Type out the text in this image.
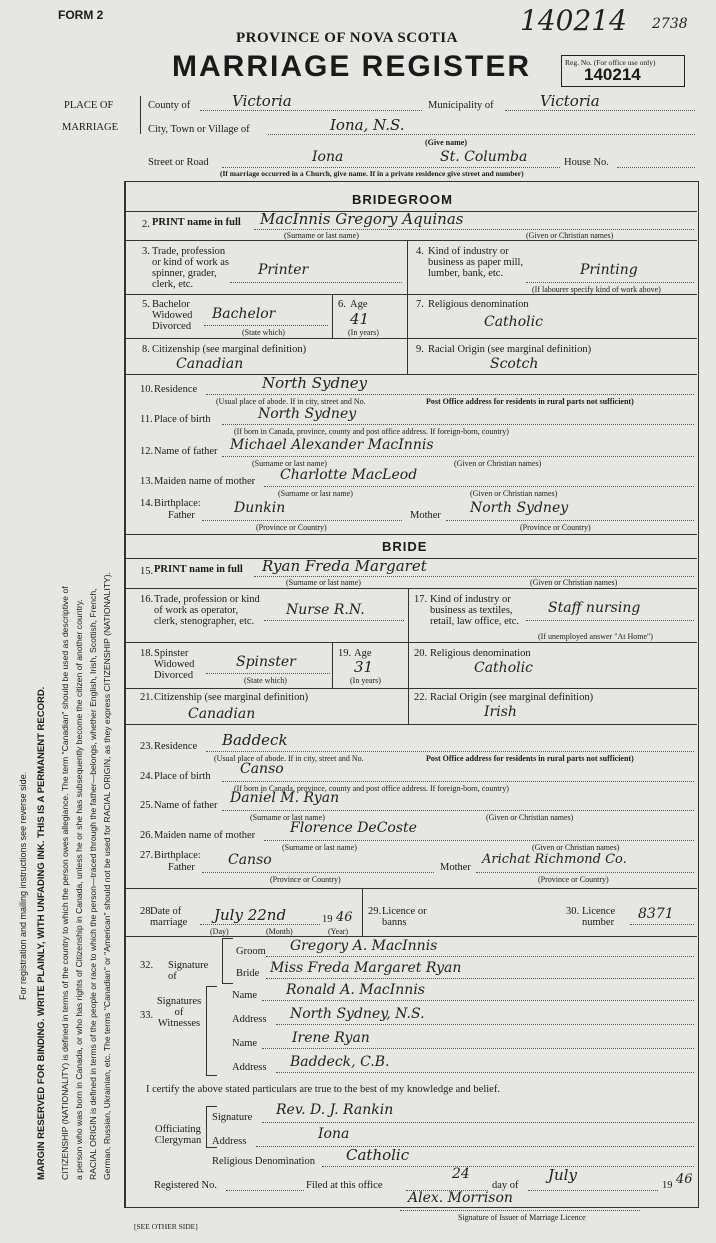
For registration and mailing instructions see reverse side. MARGIN RESERVED FOR BINDING. WRITE PLAINLY, WITH UNFADING INK. THIS IS A PERMANENT RECORD. CITIZENSHIP (NATIONALITY) is defined in terms of the country to which the person owes allegiance. The term "Canadian" should be used as descriptive of a person who was born in Canada, or who has rights of Citizenship in Canada, unless he or she has subsequently become the citizen of another country. RACIAL ORIGIN is defined in terms of the people or race to which the person—traced through the father—belongs, whether English, Irish, Scottish, French, German, Russian, Ukrainian, etc. The terms "Canadian" or "American" should not be used for RACIAL ORIGIN, as they express CITIZENSHIP (NATIONALITY).
FORM 2	140214 2738
PROVINCE OF NOVA SCOTIA
MARRIAGE REGISTER	Reg. No. (For office use only)
140214
PLACE OF
MARRIAGE
County of	Victoria	Municipality of	Victoria
City, Town or Village of	Iona, N.S.
(Give name)
Street or Road	Iona	St. Columba	House No.
(If marriage occurred in a Church, give name. If in a private residence give street and number)
BRIDEGROOM
2. PRINT name in full MacInnis Gregory Aquinas
(Surname or last name)	(Given or Christian names)
3. Trade, profession or kind of work as spinner, grader, clerk, etc.
Printer
4. Kind of industry or business as paper mill, lumber, bank, etc.	Printing
(If labourer specify kind of work above)
5. Bachelor Widowed Divorced
Bachelor
(State which)
6. Age
41
(In years)
7. Religious denomination
Catholic
8. Citizenship (see marginal definition)
Canadian
9. Racial Origin (see marginal definition)
Scotch
10. Residence	North Sydney
(Usual place of abode. If in city, street and No.	Post Office address for residents in rural parts not sufficient)
11. Place of birth	North Sydney
(If born in Canada, province, county and post office address. If foreign-born, country)
12. Name of father Michael Alexander MacInnis
(Surname or last name)	(Given or Christian names)
13. Maiden name of mother Charlotte MacLeod
(Surname or last name)	(Given or Christian names)
14. Birthplace:
Father	Dunkin	Mother North Sydney
(Province or Country)	(Province or Country)
BRIDE
15. PRINT name in full Ryan Freda Margaret
(Surname or last name)	(Given or Christian names)
16. Trade, profession or kind of work as operator, clerk, stenographer, etc.
Nurse R.N.
17. Kind of industry or business as textiles, retail, law office, etc.
Staff nursing
(If unemployed answer "At Home")
18. Spinster Widowed Divorced
Spinster
(State which)
19. Age
31
(In years)
20. Religious denomination
Catholic
21. Citizenship (see marginal definition)
Canadian
22. Racial Origin (see marginal definition)
Irish
23. Residence Baddeck
(Usual place of abode. If in city, street and No.	Post Office address for residents in rural parts not sufficient)
24. Place of birth Canso
(If born in Canada, province, county and post office address. If foreign-born, country)
25. Name of father Daniel M. Ryan
(Surname or last name)	(Given or Christian names)
26. Maiden name of mother Florence DeCoste
(Surname or last name)	(Given or Christian names)
27. Birthplace:
Father Canso	Mother
Arichat Richmond Co.
(Province or Country)	(Province or Country)
28.
Date of marriage	July 22nd	19 46
(Day)	(Month)	(Year)
29. Licence or banns
30. Licence number
8371
32. Signature of
Groom Gregory A. MacInnis
Bride Miss Freda Margaret Ryan
33.
Signatures of Witnesses
Name Ronald A. MacInnis
Address North Sydney, N.S.
Name Irene Ryan
Address Baddeck, C.B.
I certify the above stated particulars are true to the best of my knowledge and belief.
Officiating Clergyman
Signature Rev. D. J. Rankin
Address	Iona
Religious Denomination Catholic
Registered No.	Filed at this office
24
day of
July
19 46
Alex. Morrison
Signature of Issuer of Marriage Licence
[SEE OTHER SIDE]
